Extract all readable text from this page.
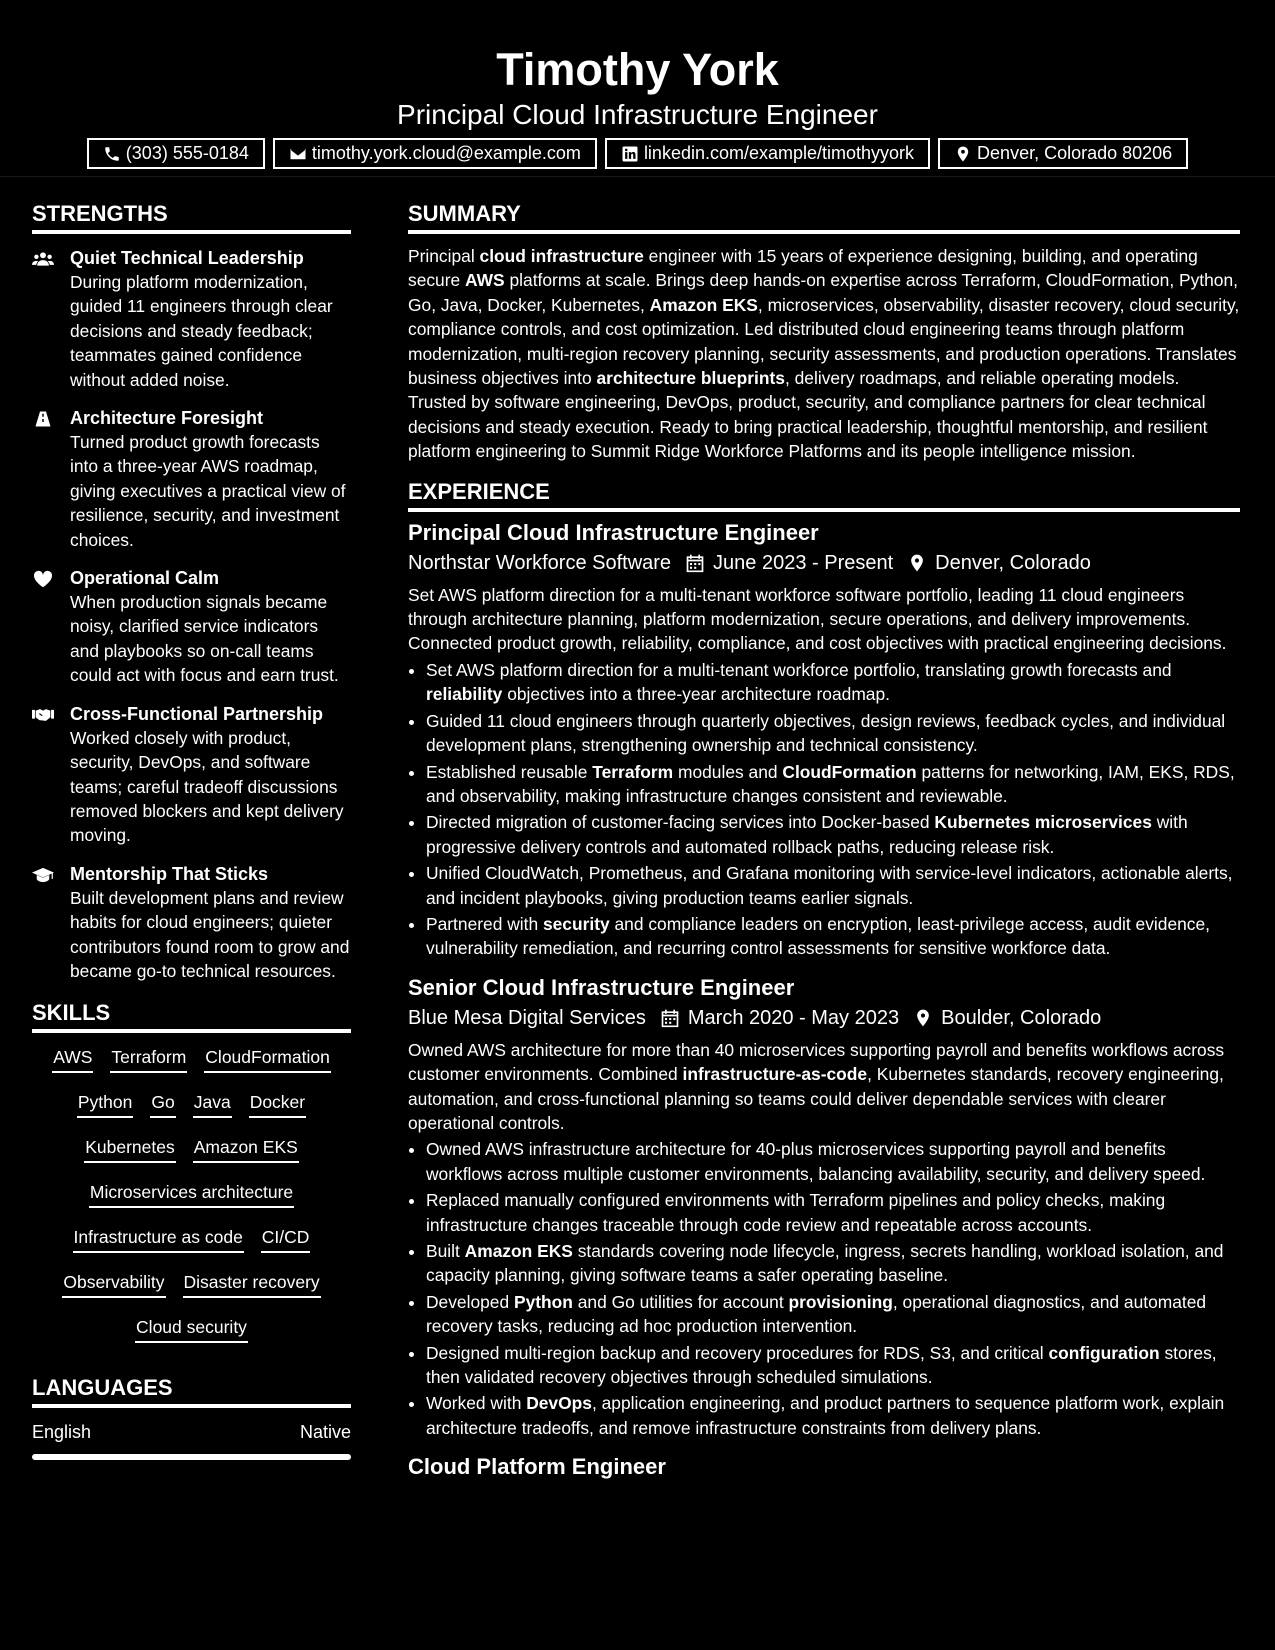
Timothy York
Principal Cloud Infrastructure Engineer
(303) 555-0184	timothy.york.cloud@example.com	linkedin.com/example/timothyyork	Denver, Colorado 80206
STRENGTHS
Quiet Technical Leadership
During platform modernization, guided 11 engineers through clear decisions and steady feedback; teammates gained confidence without added noise.
Architecture Foresight
Turned product growth forecasts into a three-year AWS roadmap, giving executives a practical view of resilience, security, and investment choices.
Operational Calm
When production signals became noisy, clarified service indicators and playbooks so on-call teams could act with focus and earn trust.
Cross-Functional Partnership
Worked closely with product, security, DevOps, and software teams; careful tradeoff discussions removed blockers and kept delivery moving.
Mentorship That Sticks
Built development plans and review habits for cloud engineers; quieter contributors found room to grow and became go-to technical resources.
SKILLS
AWS Terraform CloudFormation
Python Go Java Docker
Kubernetes Amazon EKS
Microservices architecture
Infrastructure as code CI/CD
Observability Disaster recovery
Cloud security
LANGUAGES
English	Native
SUMMARY
Principal cloud infrastructure engineer with 15 years of experience designing, building, and operating secure AWS platforms at scale. Brings deep hands-on expertise across Terraform, CloudFormation, Python, Go, Java, Docker, Kubernetes, Amazon EKS, microservices, observability, disaster recovery, cloud security, compliance controls, and cost optimization. Led distributed cloud engineering teams through platform modernization, multi-region recovery planning, security assessments, and production operations. Translates business objectives into architecture blueprints, delivery roadmaps, and reliable operating models. Trusted by software engineering, DevOps, product, security, and compliance partners for clear technical decisions and steady execution. Ready to bring practical leadership, thoughtful mentorship, and resilient platform engineering to Summit Ridge Workforce Platforms and its people intelligence mission.
EXPERIENCE
Principal Cloud Infrastructure Engineer
Northstar Workforce Software June 2023 - Present Denver, Colorado
Set AWS platform direction for a multi-tenant workforce software portfolio, leading 11 cloud engineers through architecture planning, platform modernization, secure operations, and delivery improvements. Connected product growth, reliability, compliance, and cost objectives with practical engineering decisions.
• Set AWS platform direction for a multi-tenant workforce portfolio, translating growth forecasts and reliability objectives into a three-year architecture roadmap.
• Guided 11 cloud engineers through quarterly objectives, design reviews, feedback cycles, and individual development plans, strengthening ownership and technical consistency.
• Established reusable Terraform modules and CloudFormation patterns for networking, IAM, EKS, RDS, and observability, making infrastructure changes consistent and reviewable.
• Directed migration of customer-facing services into Docker-based Kubernetes microservices with progressive delivery controls and automated rollback paths, reducing release risk.
• Unified CloudWatch, Prometheus, and Grafana monitoring with service-level indicators, actionable alerts, and incident playbooks, giving production teams earlier signals.
• Partnered with security and compliance leaders on encryption, least-privilege access, audit evidence, vulnerability remediation, and recurring control assessments for sensitive workforce data.
Senior Cloud Infrastructure Engineer
Blue Mesa Digital Services March 2020 - May 2023 Boulder, Colorado
Owned AWS architecture for more than 40 microservices supporting payroll and benefits workflows across customer environments. Combined infrastructure-as-code, Kubernetes standards, recovery engineering, automation, and cross-functional planning so teams could deliver dependable services with clearer operational controls.
• Owned AWS infrastructure architecture for 40-plus microservices supporting payroll and benefits workflows across multiple customer environments, balancing availability, security, and delivery speed.
• Replaced manually configured environments with Terraform pipelines and policy checks, making infrastructure changes traceable through code review and repeatable across accounts.
• Built Amazon EKS standards covering node lifecycle, ingress, secrets handling, workload isolation, and capacity planning, giving software teams a safer operating baseline.
• Developed Python and Go utilities for account provisioning, operational diagnostics, and automated recovery tasks, reducing ad hoc production intervention.
• Designed multi-region backup and recovery procedures for RDS, S3, and critical configuration stores, then validated recovery objectives through scheduled simulations.
• Worked with DevOps, application engineering, and product partners to sequence platform work, explain architecture tradeoffs, and remove infrastructure constraints from delivery plans.
Cloud Platform Engineer
